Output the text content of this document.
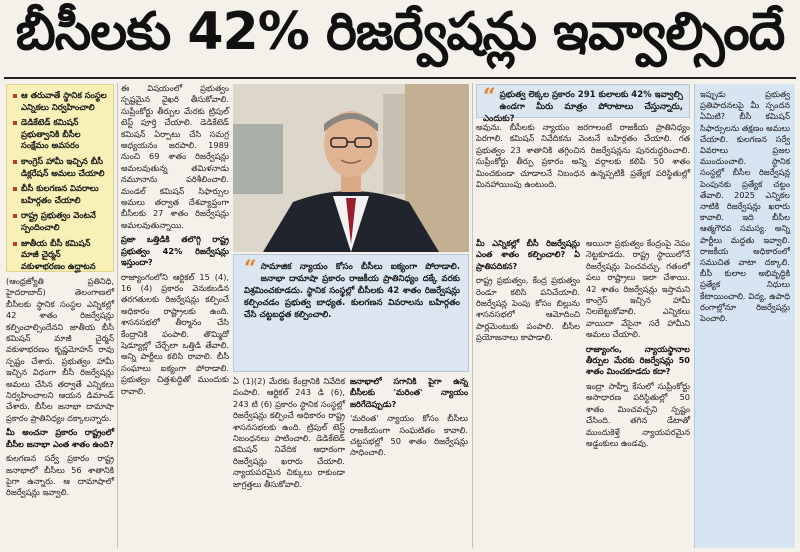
బీసీలకు 42% రిజర్వేషన్లు ఇవ్వాల్సిందే
ఆ తరువాతే స్థానిక సంస్థల ఎన్నికలు నిర్వహించాలి
డెడికేటెడ్ కమిషన్ ప్రభుత్వానికి బీసీల సంక్షేమం అవసరం
కాంగ్రెస్ హామీ ఇచ్చిన బీసీ డిక్లరేషన్ అమలు చేయాలి
బీసీ కులగణన వివరాలు బహిర్గతం చేయాలి
రాష్ట్ర ప్రభుత్వం వెంటనే స్పందించాలి
జాతీయ బీసీ కమిషన్ మాజీ చైర్మన్ వకుళాభరణం ఉద్ఘాటన

(ఆంధ్రజ్యోతి ప్రతినిధి, హైదరాబాద్) తెలంగాణలో బీసీలకు స్థానిక సంస్థల ఎన్నికల్లో 42 శాతం రిజర్వేషన్లు కల్పించాల్సిందేనని జాతీయ బీసీ కమిషన్ మాజీ చైర్మన్ వకుళాభరణం కృష్ణమోహన్ రావు స్పష్టం చేశారు. ప్రభుత్వం హామీ ఇచ్చిన విధంగా బీసీ రిజర్వేషన్లు అమలు చేసిన తర్వాతే ఎన్నికలు నిర్వహించాలని ఆయన డిమాండ్ చేశారు. బీసీల జనాభా దామాషా ప్రకారం ప్రాతినిధ్యం దక్కాలన్నారు.

మీ అంచనా ప్రకారం రాష్ట్రంలో బీసీల జనాభా ఎంత శాతం ఉంది?

కులగణన సర్వే ప్రకారం రాష్ట్ర జనాభాలో బీసీలు 56 శాతానికి పైగా ఉన్నారు. ఆ దామాషాలో రిజర్వేషన్లు ఇవ్వాలి.

ఈ విషయంలో ప్రభుత్వం స్పష్టమైన వైఖరి తీసుకోవాలి. సుప్రీంకోర్టు తీర్పుల మేరకు ట్రిపుల్ టెస్ట్ పూర్తి చేయాలి. డెడికేటెడ్ కమిషన్ ఏర్పాటు చేసి సమగ్ర అధ్యయనం జరపాలి. 1989 నుంచి 69 శాతం రిజర్వేషన్లు అమలవుతున్న తమిళనాడు నమూనాను పరిశీలించాలి. మండల్ కమిషన్ సిఫార్సుల అమలు తర్వాత దేశవ్యాప్తంగా బీసీలకు 27 శాతం రిజర్వేషన్లు అమలవుతున్నాయి.

ప్రజా ఒత్తిడికి తలొగ్గి రాష్ట్ర ప్రభుత్వం 42% రిజర్వేషన్లు ఇస్తుందా?

రాజ్యాంగంలోని ఆర్టికల్ 15 (4), 16 (4) ప్రకారం వెనుకబడిన తరగతులకు రిజర్వేషన్లు కల్పించే అధికారం రాష్ట్రాలకు ఉంది. శాసనసభలో తీర్మానం చేసి కేంద్రానికి పంపాలి. తొమ్మిదో షెడ్యూల్లో చేర్చేలా ఒత్తిడి తేవాలి. అన్ని పార్టీలు కలిసి రావాలి. బీసీ సంఘాలు ఐక్యంగా పోరాడాలి. ప్రభుత్వం చిత్తశుద్ధితో ముందుకు రావాలి.

“ సామాజిక న్యాయం కోసం బీసీలు ఐక్యంగా పోరాడాలి. జనాభా దామాషా ప్రకారం రాజకీయ ప్రాతినిధ్యం దక్కే వరకు విశ్రమించకూడదు. స్థానిక సంస్థల్లో బీసీలకు 42 శాతం రిజర్వేషన్లు కల్పించడం ప్రభుత్వ బాధ్యత. కులగణన వివరాలను బహిర్గతం చేసి చట్టబద్ధత కల్పించాలి.

ఏ (1)(2) మేరకు కేంద్రానికి నివేదిక పంపాలి. ఆర్టికల్ 243 డి (6), 243 టి (6) ప్రకారం స్థానిక సంస్థల్లో రిజర్వేషన్లు కల్పించే అధికారం రాష్ట్ర శాసనసభలకు ఉంది. ట్రిపుల్ టెస్ట్ నిబంధనలు పాటించాలి. డెడికేటెడ్ కమిషన్ నివేదిక ఆధారంగా రిజర్వేషన్లు ఖరారు చేయాలి. న్యాయపరమైన చిక్కులు రాకుండా జాగ్రత్తలు తీసుకోవాలి.

జనాభాలో సగానికి పైగా ఉన్న బీసీలకు 'మరింత' న్యాయం జరిగేదెప్పుడు?

'మరింత' న్యాయం కోసం బీసీలు రాజకీయంగా సంఘటితం కావాలి. చట్టసభల్లో 50 శాతం రిజర్వేషన్లు సాధించాలి.

“ ప్రభుత్వ లెక్కల ప్రకారం 291 కులాలకు 42% ఇవ్వాల్సి ఉండగా మీరు మాత్రం పోరాటాలు చేస్తున్నారు, ఎందుకు?

అవును. బీసీలకు న్యాయం జరగాలంటే రాజకీయ ప్రాతినిధ్యం పెరగాలి. కమిషన్ నివేదికను వెంటనే బహిర్గతం చేయాలి. గత ప్రభుత్వం 23 శాతానికి తగ్గించిన రిజర్వేషన్లను పునరుద్ధరించాలి. సుప్రీంకోర్టు తీర్పు ప్రకారం అన్ని వర్గాలకు కలిపి 50 శాతం మించకుండా చూడాలనే నిబంధన ఉన్నప్పటికీ ప్రత్యేక పరిస్థితుల్లో మినహాయింపు ఉంటుంది.

మీ ఎన్నికల్లో బీసీ రిజర్వేషన్లు ఎంత శాతం కల్పించాలి? ఏ ప్రాతిపదికన?

రాష్ట్ర ప్రభుత్వం, కేంద్ర ప్రభుత్వం రెండూ కలిసి పనిచేయాలి. రిజర్వేషన్ల పెంపు కోసం బిల్లును శాసనసభలో ఆమోదించి పార్లమెంటుకు పంపాలి. బీసీల ప్రయోజనాలు కాపాడాలి.

అయినా ప్రభుత్వం కేంద్రంపై నెపం నెట్టకూడదు. రాష్ట్ర స్థాయిలోనే రిజర్వేషన్లు పెంచవచ్చు. గతంలో పలు రాష్ట్రాలు ఇలా చేశాయి. 42 శాతం రిజర్వేషన్లు ఇస్తామని కాంగ్రెస్ ఇచ్చిన హామీ నిలబెట్టుకోవాలి. ఎన్నికలు వాయిదా వేసైనా సరే హామీని అమలు చేయాలి.

రాజ్యాంగం, న్యాయస్థానాల తీర్పుల మేరకు రిజర్వేషన్లు 50 శాతం మించకూడదు కదా?

ఇంద్రా సాహ్నీ కేసులో సుప్రీంకోర్టు అసాధారణ పరిస్థితుల్లో 50 శాతం మించవచ్చని స్పష్టం చేసింది. తగిన డేటాతో ముందుకెళ్తే న్యాయపరమైన అడ్డంకులు ఉండవు.

ఇప్పుడు ప్రభుత్వ ప్రతిపాదనలపై మీ స్పందన ఏమిటి? బీసీ కమిషన్ సిఫార్సులను తక్షణం అమలు చేయాలి. కులగణన సర్వే వివరాలు ప్రజల ముందుంచాలి. స్థానిక సంస్థల్లో బీసీల రిజర్వేషన్ల పెంపునకు ప్రత్యేక చట్టం తేవాలి. 2025 ఎన్నికల నాటికి రిజర్వేషన్లు ఖరారు కావాలి. ఇది బీసీల ఆత్మగౌరవ సమస్య. అన్ని పార్టీలు మద్దతు ఇవ్వాలి. రాజకీయ అధికారంలో సముచిత వాటా దక్కాలి. బీసీ కులాల అభివృద్ధికి ప్రత్యేక నిధులు కేటాయించాలి. విద్య, ఉపాధి రంగాల్లోనూ రిజర్వేషన్లు పెంచాలి.
